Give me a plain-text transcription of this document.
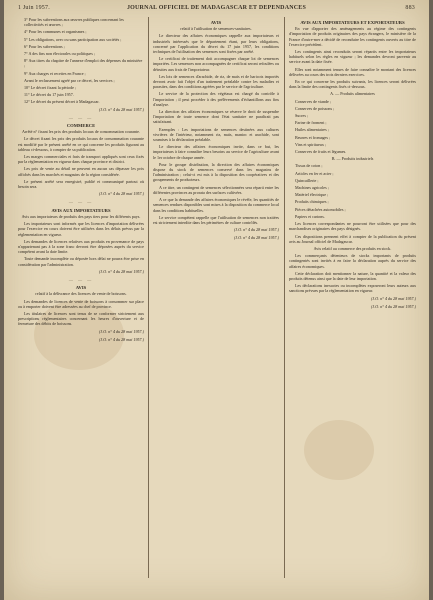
1 Juin 1957.	JOURNAL OFFICIEL DE MADAGASCAR ET DEPENDANCES	883

3° Pour les subventions aux œuvres publiques concernant les collectivités et œuvres ;

4° Pour les communes et organismes ;

5° Les obligations, avec ou sans participation aux sociétés ;

6° Pour les subventions ;

7° A des fins non électorales ou politiques ;

8° Aux titres du chapitre de l'annexe d'emploi des dépenses du ministère ;

9° Aux charges et recettes en France ;

Avant le reclassement agréé par ce décret, les services ;

10° Le décret fixant la période ;

11° Le décret du 17 juin 1957.

12° Le décret du présent décret à Madagascar.

(J.O. n° 4 du 28 mai 1957.)

— — —

COMMERCE

Arrêté n° fixant les prix des produits locaux de consommation courante.

Le décret fixant les prix des produits locaux de consommation courante est modifié par le présent arrêté en ce qui concerne les produits figurant au tableau ci-dessous, à compter de sa publication.

Les marges commerciales et frais de transport appliqués sont ceux fixés par la réglementation en vigueur dans chaque province et district.

Les prix de vente au détail ne peuvent en aucun cas dépasser les prix affichés dans les marchés et magasins de la région considérée.

Le présent arrêté sera enregistré, publié et communiqué partout où besoin sera.

(J.O. n° 4 du 28 mai 1957.)

— — —

AVIS AUX IMPORTATEURS

Avis aux importateurs de produits des pays tiers pour les différents pays.

Les importateurs sont informés que les licences d'importation délivrées pour l'exercice en cours doivent être utilisées dans les délais prévus par la réglementation en vigueur.

Les demandes de licences relatives aux produits en provenance de pays n'appartenant pas à la zone franc devront être déposées auprès du service compétent avant la date limite.

Toute demande incomplète ou déposée hors délai ne pourra être prise en considération par l'administration.

(J.O. n° 4 du 28 mai 1957.)

— — —

AVIS

relatif à la délivrance des licences de vente de boissons.

Les demandes de licences de vente de boissons à consommer sur place ou à emporter doivent être adressées au chef de province.

Les titulaires de licences sont tenus de se conformer strictement aux prescriptions réglementaires concernant les heures d'ouverture et de fermeture des débits de boissons.

(J.O. n° 4 du 28 mai 1957.)

(J.O. n° 4 du 28 mai 1957.)

AVIS

relatif à l'utilisation de semences-sanitaires.

Le directeur des affaires économiques rappelle aux importateurs et industriels intéressés que le département étant, par leurs obligations, concerné par l'application du décret du 17 juin 1957, les conditions techniques de l'utilisation des semences sont fixées par arrêté.

Le certificat de traitement doit accompagner chaque lot de semences importées. Les semences non accompagnées de certificat seront refoulées ou détruites aux frais de l'importateur.

Les lots de semences d'arachide, de riz, de maïs et de haricots importés devront avoir fait l'objet d'un traitement préalable contre les maladies et parasites, dans des conditions agréées par le service de l'agriculture.

Le service de la protection des végétaux est chargé du contrôle à l'importation ; il peut procéder à des prélèvements d'échantillons aux fins d'analyse.

La direction des affaires économiques se réserve le droit de suspendre l'importation de toute semence dont l'état sanitaire ne paraîtrait pas satisfaisant.

Exemples : Les importations de semences destinées aux cultures vivrières de l'intérieur, notamment riz, maïs, manioc et arachide, sont soumises à la déclaration préalable.

Le directeur des affaires économiques invite, dans ce but, les importateurs à faire connaître leurs besoins au service de l'agriculture avant le 1er octobre de chaque année.

Pour le groupe distribution, la direction des affaires économiques dispose du stock de semences conservé dans les magasins de l'administration ; celui-ci est mis à la disposition des coopératives et des groupements de producteurs.

A ce titre, un contingent de semences sélectionnées sera réparti entre les différentes provinces au prorata des surfaces cultivées.

A ce que la demande des affaires économiques le révèle, les quantités de semences rendues disponibles sont mises à la disposition du commerce local dans les conditions habituelles.

Le service compétent rappelle que l'utilisation de semences non traitées est strictement interdite dans les périmètres de culture contrôlés.

(J.O. n° 4 du 28 mai 1957.)

(J.O. n° 4 du 28 mai 1957.)

AVIS AUX IMPORTATEURS ET EXPORTATEURS

En vue d'apporter des aménagements au régime des contingents d'importation de produits originaires des pays étrangers, le ministère de la France d'outre-mer a décidé de reconduire les contingents ouverts au titre de l'exercice précédent.

Les contingents ainsi reconduits seront répartis entre les importateurs habituels selon les règles en vigueur ; les demandes devront parvenir au service avant la date fixée.

Elles sont notamment tenues de faire connaître le montant des licences délivrées au cours des trois derniers exercices.

En ce qui concerne les produits suivants, les licences seront délivrées dans la limite des contingents fixés ci-dessous.

A. — Produits alimentaires

Conserves de viande ;

Conserves de poissons ;

Sucres ;

Farine de froment ;

Huiles alimentaires ;

Beurres et fromages ;

Vins et spiritueux ;

Conserves de fruits et légumes.

B. — Produits industriels

Tissus de coton ;

Articles en fer et acier ;

Quincaillerie ;

Machines agricoles ;

Matériel électrique ;

Produits chimiques ;

Pièces détachées automobiles ;

Papiers et cartons.

Les licences correspondantes ne pourront être utilisées que pour des marchandises originaires des pays désignés.

Ces dispositions prennent effet à compter de la publication du présent avis au Journal officiel de Madagascar.

Avis relatif au commerce des produits en stock.

Les commerçants détenteurs de stocks importants de produits contingentés sont invités à en faire la déclaration auprès du service des affaires économiques.

Cette déclaration doit mentionner la nature, la quantité et la valeur des produits détenus ainsi que la date de leur importation.

Les déclarations inexactes ou incomplètes exposeront leurs auteurs aux sanctions prévues par la réglementation en vigueur.

(J.O. n° 4 du 28 mai 1957.)

(J.O. n° 4 du 28 mai 1957.)
